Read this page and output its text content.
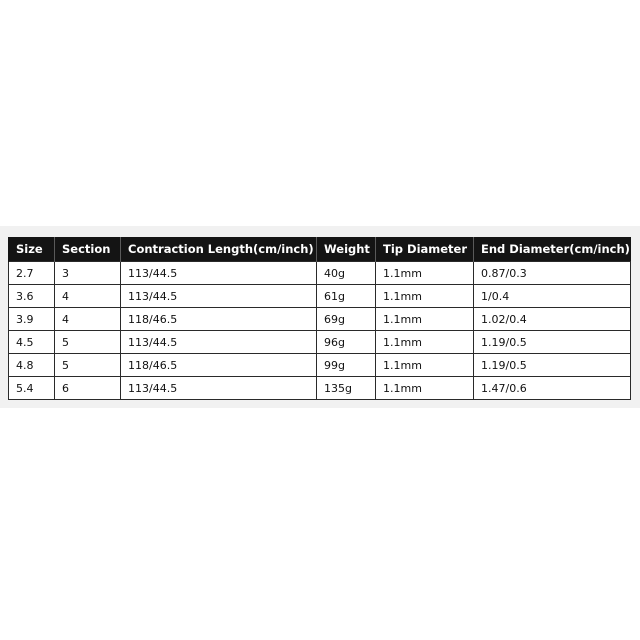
Size	Section	Contraction Length(cm/inch)	Weight	Tip Diameter	End Diameter(cm/inch)
2.7	3	113/44.5	40g	1.1mm	0.87/0.3
3.6	4	113/44.5	61g	1.1mm	1/0.4
3.9	4	118/46.5	69g	1.1mm	1.02/0.4
4.5	5	113/44.5	96g	1.1mm	1.19/0.5
4.8	5	118/46.5	99g	1.1mm	1.19/0.5
5.4	6	113/44.5	135g	1.1mm	1.47/0.6
